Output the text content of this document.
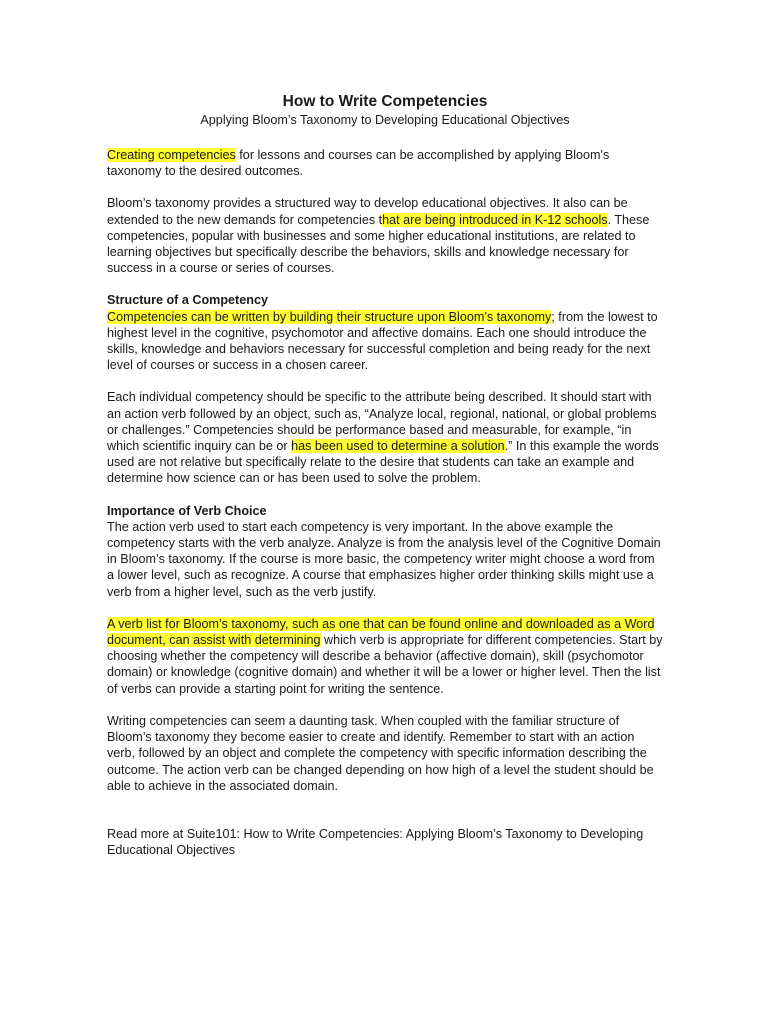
How to Write Competencies
Applying Bloom’s Taxonomy to Developing Educational Objectives

Creating competencies for lessons and courses can be accomplished by applying Bloom's taxonomy to the desired outcomes.

Bloom’s taxonomy provides a structured way to develop educational objectives. It also can be extended to the new demands for competencies that are being introduced in K-12 schools. These competencies, popular with businesses and some higher educational institutions, are related to learning objectives but specifically describe the behaviors, skills and knowledge necessary for success in a course or series of courses.

Structure of a Competency
Competencies can be written by building their structure upon Bloom’s taxonomy; from the lowest to highest level in the cognitive, psychomotor and affective domains. Each one should introduce the skills, knowledge and behaviors necessary for successful completion and being ready for the next level of courses or success in a chosen career.

Each individual competency should be specific to the attribute being described. It should start with an action verb followed by an object, such as, “Analyze local, regional, national, or global problems or challenges.” Competencies should be performance based and measurable, for example, “in which scientific inquiry can be or has been used to determine a solution.” In this example the words used are not relative but specifically relate to the desire that students can take an example and determine how science can or has been used to solve the problem.

Importance of Verb Choice
The action verb used to start each competency is very important. In the above example the competency starts with the verb analyze. Analyze is from the analysis level of the Cognitive Domain in Bloom’s taxonomy. If the course is more basic, the competency writer might choose a word from a lower level, such as recognize. A course that emphasizes higher order thinking skills might use a verb from a higher level, such as the verb justify.

A verb list for Bloom’s taxonomy, such as one that can be found online and downloaded as a Word document, can assist with determining which verb is appropriate for different competencies. Start by choosing whether the competency will describe a behavior (affective domain), skill (psychomotor domain) or knowledge (cognitive domain) and whether it will be a lower or higher level. Then the list of verbs can provide a starting point for writing the sentence.

Writing competencies can seem a daunting task. When coupled with the familiar structure of Bloom’s taxonomy they become easier to create and identify. Remember to start with an action verb, followed by an object and complete the competency with specific information describing the outcome. The action verb can be changed depending on how high of a level the student should be able to achieve in the associated domain.

Read more at Suite101: How to Write Competencies: Applying Bloom’s Taxonomy to Developing Educational Objectives
